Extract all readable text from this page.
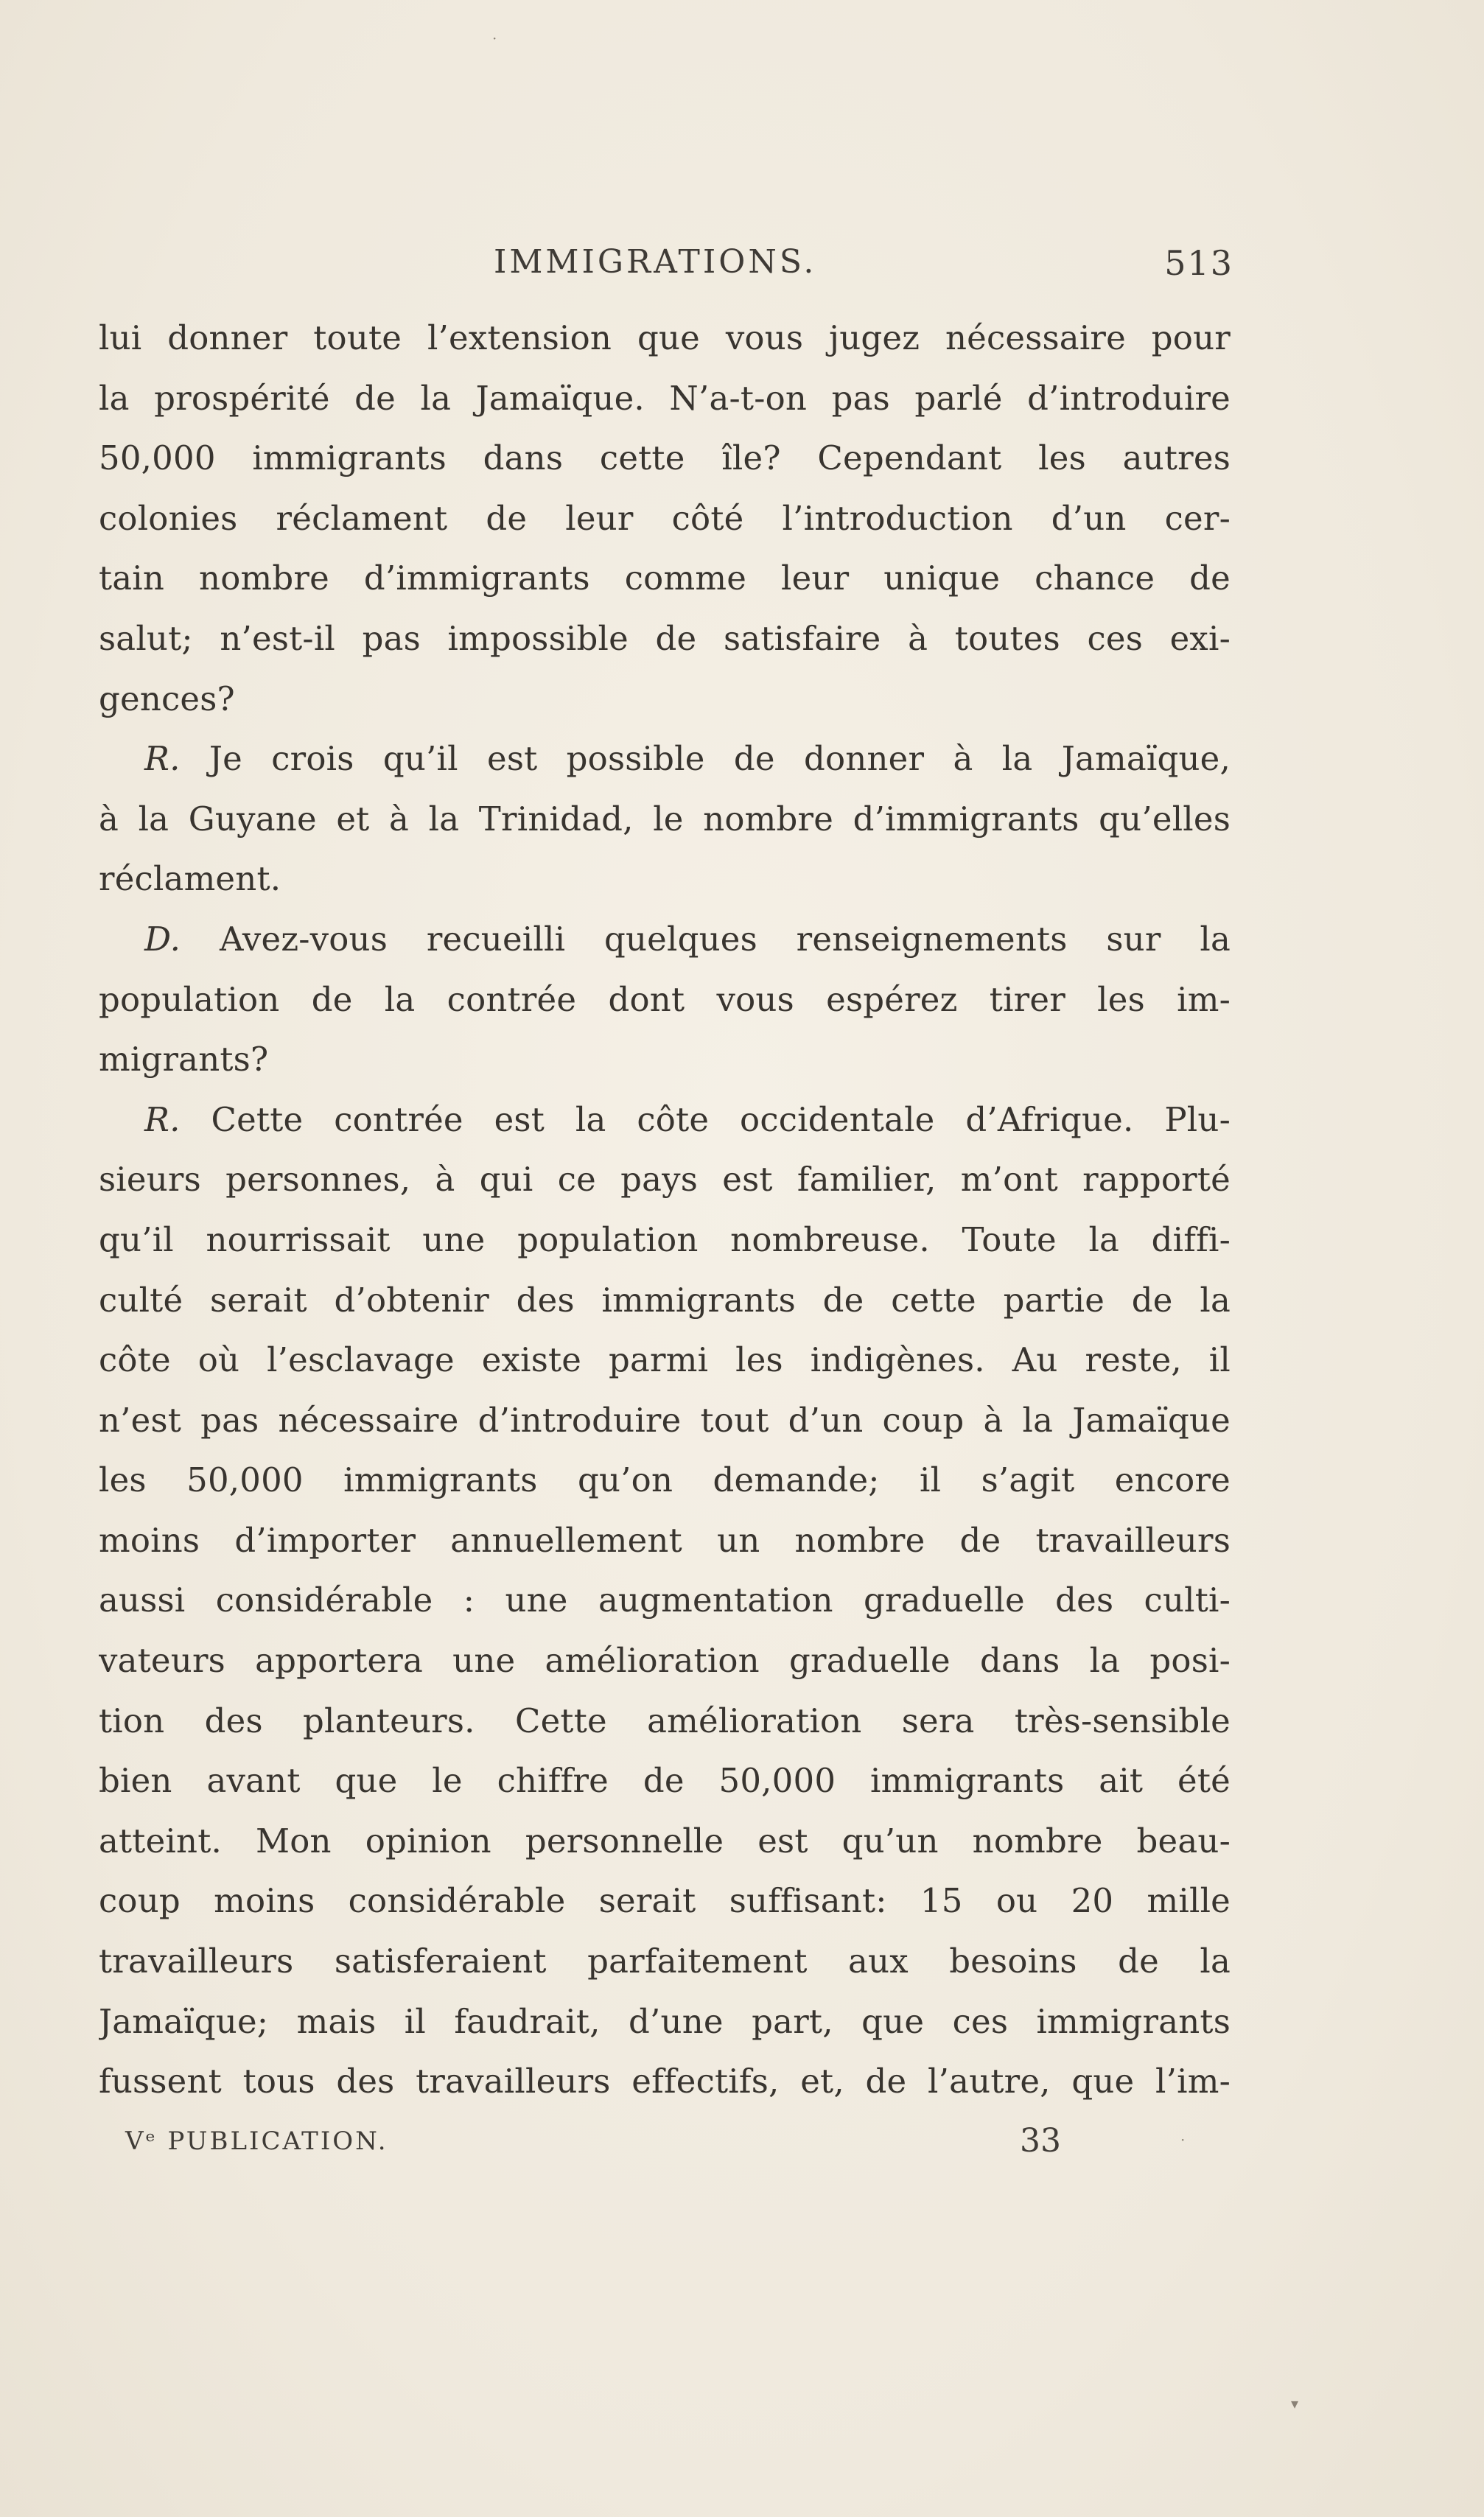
IMMIGRATIONS.	513
lui donner toute l’extension que vous jugez nécessaire pour
la prospérité de la Jamaïque. N’a-t-on pas parlé d’introduire
50,000 immigrants dans cette île? Cependant les autres
colonies réclament de leur côté l’introduction d’un cer-
tain nombre d’immigrants comme leur unique chance de
salut; n’est-il pas impossible de satisfaire à toutes ces exi-
gences?
R. Je crois qu’il est possible de donner à la Jamaïque,
à la Guyane et à la Trinidad, le nombre d’immigrants qu’elles
réclament.
D. Avez-vous recueilli quelques renseignements sur la
population de la contrée dont vous espérez tirer les im-
migrants?
R. Cette contrée est la côte occidentale d’Afrique. Plu-
sieurs personnes, à qui ce pays est familier, m’ont rapporté
qu’il nourrissait une population nombreuse. Toute la diffi-
culté serait d’obtenir des immigrants de cette partie de la
côte où l’esclavage existe parmi les indigènes. Au reste, il
n’est pas nécessaire d’introduire tout d’un coup à la Jamaïque
les 50,000 immigrants qu’on demande; il s’agit encore
moins d’importer annuellement un nombre de travailleurs
aussi considérable : une augmentation graduelle des culti-
vateurs apportera une amélioration graduelle dans la posi-
tion des planteurs. Cette amélioration sera très-sensible
bien avant que le chiffre de 50,000 immigrants ait été
atteint. Mon opinion personnelle est qu’un nombre beau-
coup moins considérable serait suffisant: 15 ou 20 mille
travailleurs satisferaient parfaitement aux besoins de la
Jamaïque; mais il faudrait, d’une part, que ces immigrants
fussent tous des travailleurs effectifs, et, de l’autre, que l’im-
Vᵉ PUBLICATION.	33
·
·
▾
